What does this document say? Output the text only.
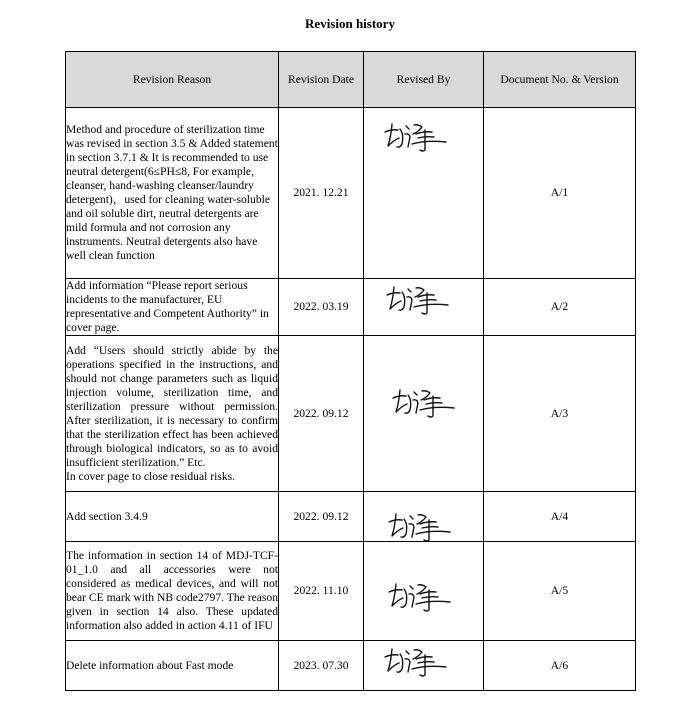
Revision history
Revision Reason	Revision Date	Revised By	Document No. & Version
Method and procedure of sterilization time was revised in section 3.5 & Added statement in section 3.7.1 & It is recommended to use neutral detergent(6≤PH≤8, For example, cleanser, hand-washing cleanser/laundry detergent)，used for cleaning water-soluble and oil soluble dirt, neutral detergents are mild formula and not corrosion any instruments. Neutral detergents also have well clean function	2021. 12.21		A/1
Add information “Please report serious incidents to the manufacturer, EU representative and Competent Authority” in cover page.	2022. 03.19		A/2
Add “Users should strictly abide by the operations specified in the instructions, and should not change parameters such as liquid injection volume, sterilization time, and sterilization pressure without permission. After sterilization, it is necessary to confirm that the sterilization effect has been achieved through biological indicators, so as to avoid insufficient sterilization.” Etc.
In cover page to close residual risks.	2022. 09.12		A/3
Add section 3.4.9	2022. 09.12		A/4
The information in section 14 of MDJ-TCF-01_1.0 and all accessories were not considered as medical devices, and will not bear CE mark with NB code2797. The reason given in section 14 also. These updated information also added in action 4.11 of IFU	2022. 11.10		A/5
Delete information about Fast mode	2023. 07.30		A/6
